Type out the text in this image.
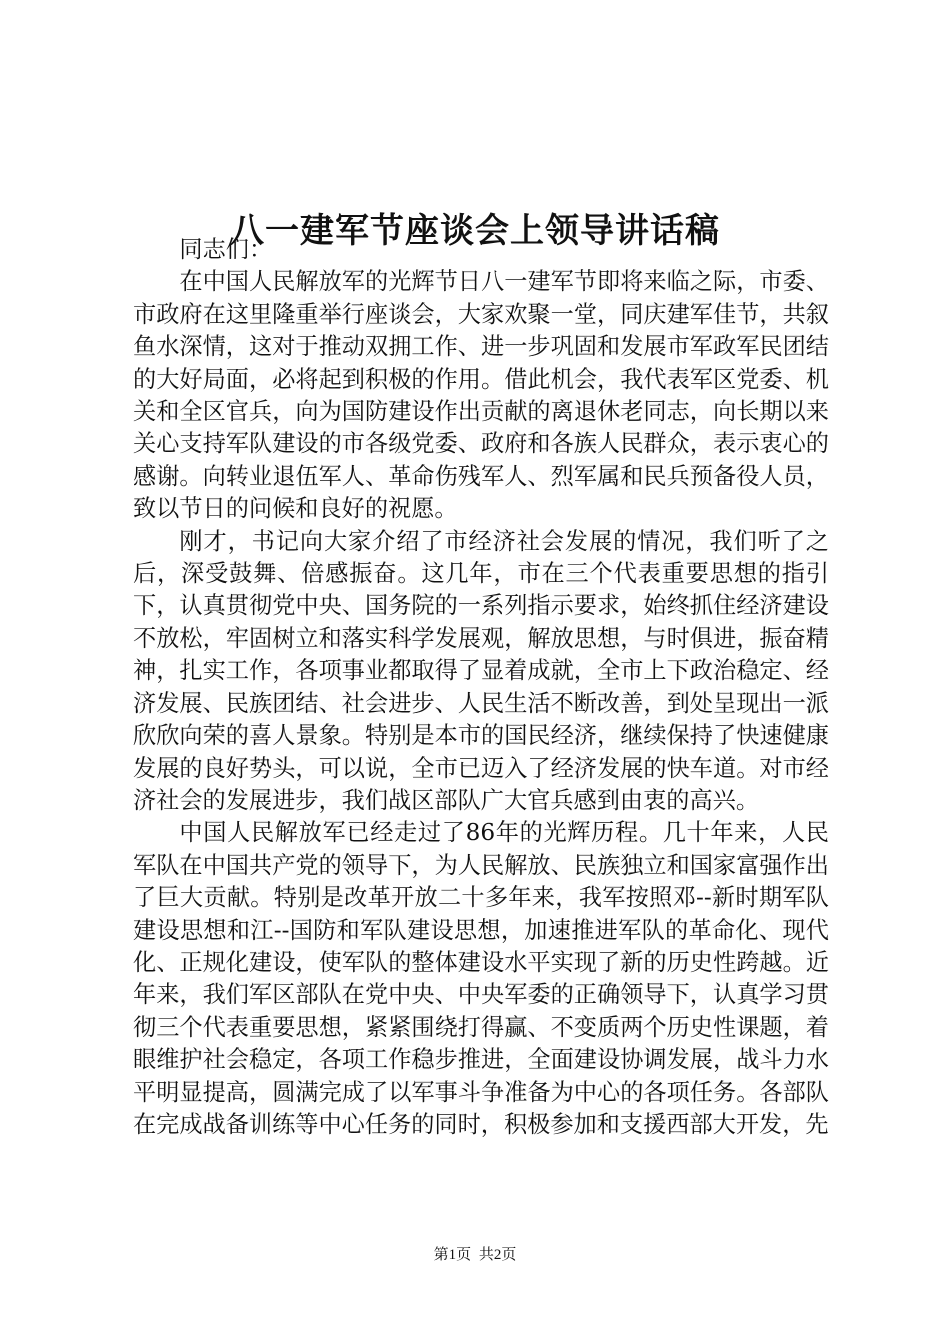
八一建军节座谈会上领导讲话稿

同志们：

在中国人民解放军的光辉节日八一建军节即将来临之际，市委、市政府在这里隆重举行座谈会，大家欢聚一堂，同庆建军佳节，共叙鱼水深情，这对于推动双拥工作、进一步巩固和发展市军政军民团结的大好局面，必将起到积极的作用。借此机会，我代表军区党委、机关和全区官兵，向为国防建设作出贡献的离退休老同志，向长期以来关心支持军队建设的市各级党委、政府和各族人民群众，表示衷心的感谢。向转业退伍军人、革命伤残军人、烈军属和民兵预备役人员，致以节日的问候和良好的祝愿。

刚才，书记向大家介绍了市经济社会发展的情况，我们听了之后，深受鼓舞、倍感振奋。这几年，市在三个代表重要思想的指引下，认真贯彻党中央、国务院的一系列指示要求，始终抓住经济建设不放松，牢固树立和落实科学发展观，解放思想，与时俱进，振奋精神，扎实工作，各项事业都取得了显着成就，全市上下政治稳定、经济发展、民族团结、社会进步、人民生活不断改善，到处呈现出一派欣欣向荣的喜人景象。特别是本市的国民经济，继续保持了快速健康发展的良好势头，可以说，全市已迈入了经济发展的快车道。对市经济社会的发展进步，我们战区部队广大官兵感到由衷的高兴。

中国人民解放军已经走过了86年的光辉历程。几十年来，人民军队在中国共产党的领导下，为人民解放、民族独立和国家富强作出了巨大贡献。特别是改革开放二十多年来，我军按照邓--新时期军队建设思想和江--国防和军队建设思想，加速推进军队的革命化、现代化、正规化建设，使军队的整体建设水平实现了新的历史性跨越。近年来，我们军区部队在党中央、中央军委的正确领导下，认真学习贯彻三个代表重要思想，紧紧围绕打得赢、不变质两个历史性课题，着眼维护社会稳定，各项工作稳步推进，全面建设协调发展，战斗力水平明显提高，圆满完成了以军事斗争准备为中心的各项任务。各部队在完成战备训练等中心任务的同时，积极参加和支援西部大开发，先

第1页 共2页
